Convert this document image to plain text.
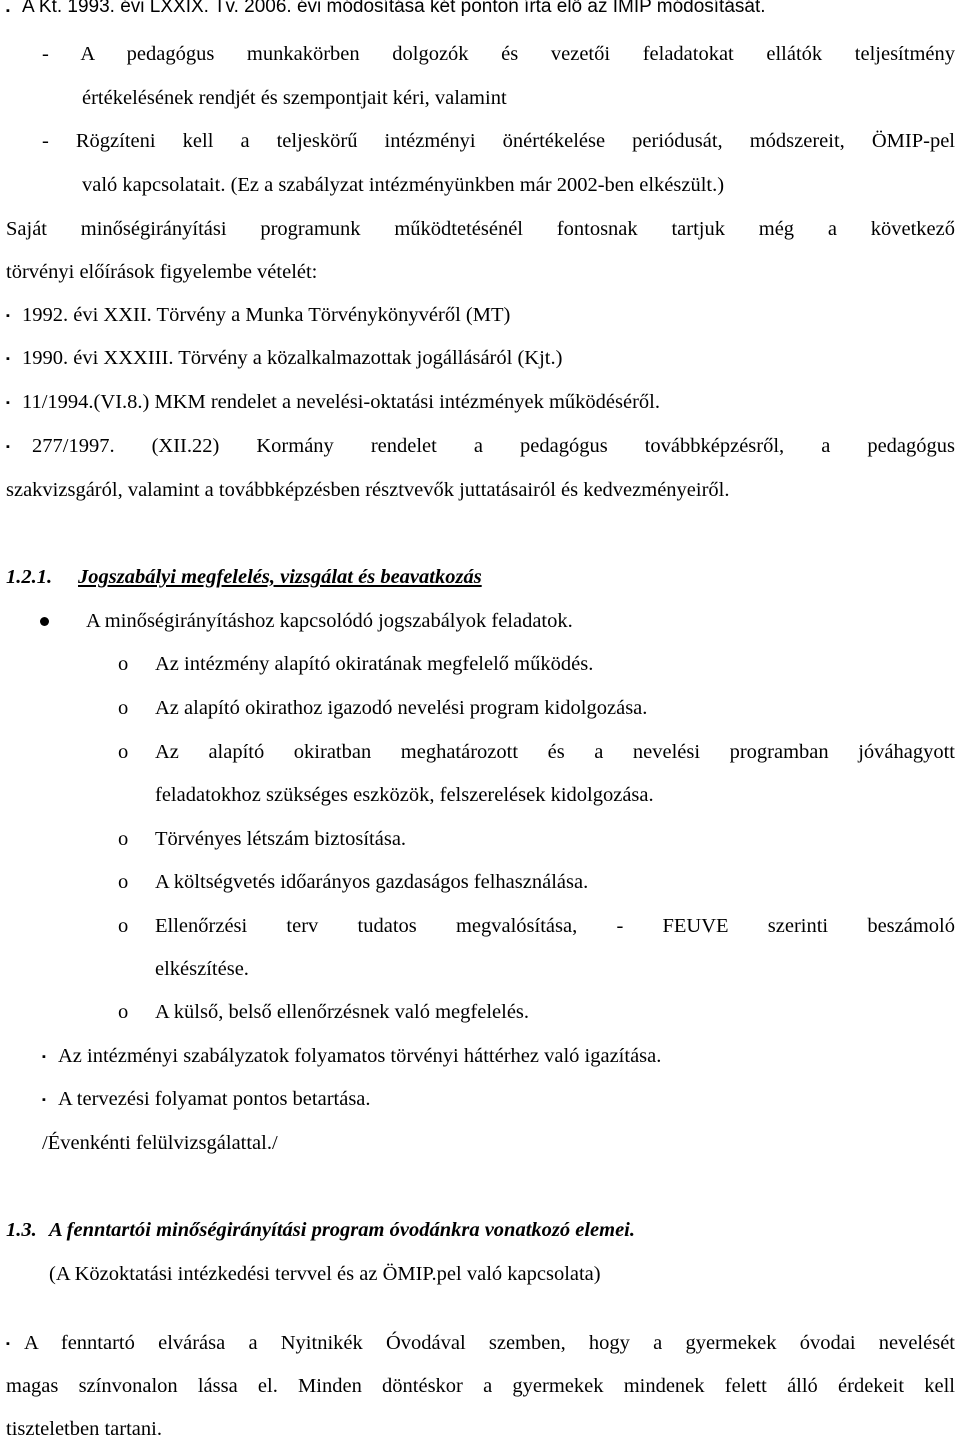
▪ A Kt. 1993. évi LXXIX. Tv. 2006. évi módosítása két ponton írta elő az IMIP módosítását.
- A pedagógus munkakörben dolgozók és vezetői feladatokat ellátók teljesítmény
értékelésének rendjét és szempontjait kéri, valamint
- Rögzíteni kell a teljeskörű intézményi önértékelése periódusát, módszereit, ÖMIP-pel
való kapcsolatait. (Ez a szabályzat intézményünkben már 2002-ben elkészült.)
Saját minőségirányítási programunk működtetésénél fontosnak tartjuk még a következő
törvényi előírások figyelembe vételét:
▪ 1992. évi XXII. Törvény a Munka Törvénykönyvéről (MT)
▪ 1990. évi XXXIII. Törvény a közalkalmazottak jogállásáról (Kjt.)
▪ 11/1994.(VI.8.) MKM rendelet a nevelési-oktatási intézmények működéséről.
▪ 277/1997. (XII.22) Kormány rendelet a pedagógus továbbképzésről, a pedagógus
szakvizsgáról, valamint a továbbképzésben résztvevők juttatásairól és kedvezményeiről.
1.2.1. Jogszabályi megfelelés, vizsgálat és beavatkozás
A minőségirányításhoz kapcsolódó jogszabályok feladatok.
o Az intézmény alapító okiratának megfelelő működés.
o Az alapító okirathoz igazodó nevelési program kidolgozása.
o Az alapító okiratban meghatározott és a nevelési programban jóváhagyott
feladatokhoz szükséges eszközök, felszerelések kidolgozása.
o Törvényes létszám biztosítása.
o A költségvetés időarányos gazdaságos felhasználása.
o Ellenőrzési terv tudatos megvalósítása, - FEUVE szerinti beszámoló
elkészítése.
o A külső, belső ellenőrzésnek való megfelelés.
▪ Az intézményi szabályzatok folyamatos törvényi háttérhez való igazítása.
▪ A tervezési folyamat pontos betartása.
/Évenkénti felülvizsgálattal./
1.3. A fenntartói minőségirányítási program óvodánkra vonatkozó elemei.
(A Közoktatási intézkedési tervvel és az ÖMIP.pel való kapcsolata)
▪ A fenntartó elvárása a Nyitnikék Óvodával szemben, hogy a gyermekek óvodai nevelését
magas színvonalon lássa el. Minden döntéskor a gyermekek mindenek felett álló érdekeit kell
tiszteletben tartani.
